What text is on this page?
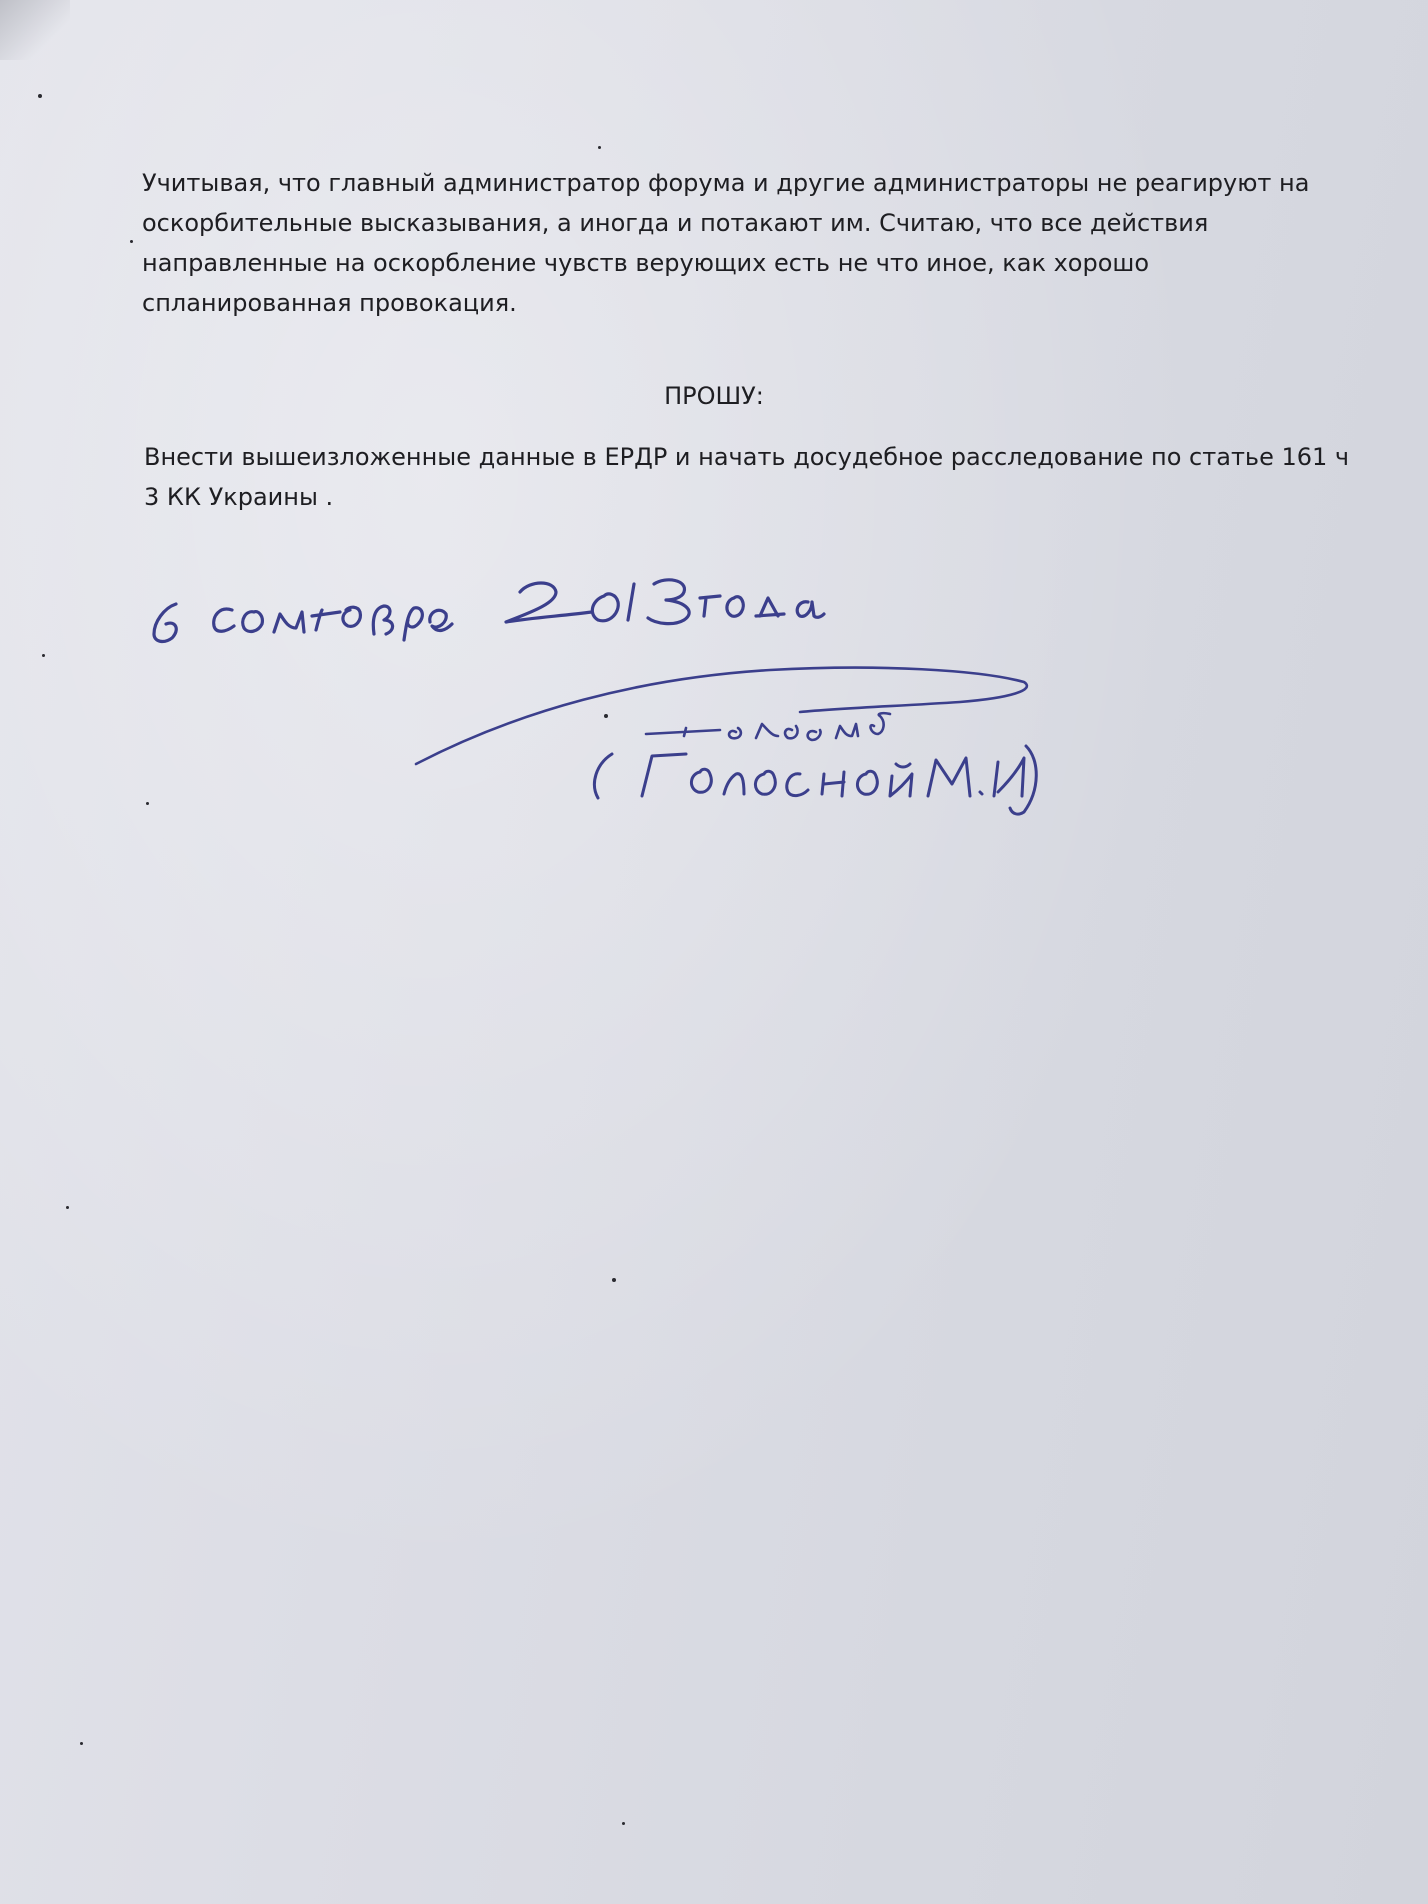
Учитывая, что главный администратор форума и другие администраторы не реагируют на оскорбительные высказывания, а иногда и потакают им. Считаю, что все действия направленные на оскорбление чувств верующих есть не что иное, как хорошо спланированная провокация.

ПРОШУ:

Внести вышеизложенные данные в ЕРДР и начать досудебное расследование по статье 161 ч 3 КК Украины .
